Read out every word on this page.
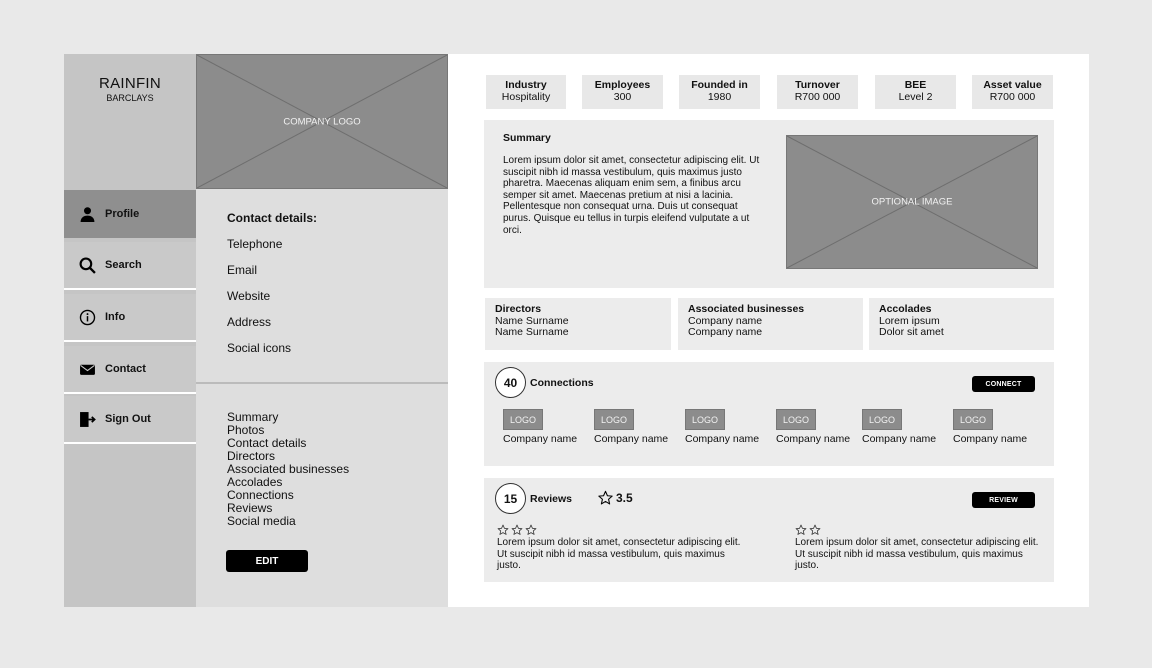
RAINFIN
BARCLAYS
Profile
Search
Info
Contact
Sign Out
COMPANY LOGO
Contact details:
Telephone
Email
Website
Address
Social icons
Summary
Photos
Contact details
Directors
Associated businesses
Accolades
Connections
Reviews
Social media
EDIT
Industry
Hospitality
Employees
300
Founded in
1980
Turnover
R700 000
BEE
Level 2
Asset value
R700 000
Summary
Lorem ipsum dolor sit amet, consectetur adipiscing elit. Ut suscipit nibh id massa vestibulum, quis maximus justo pharetra. Maecenas aliquam enim sem, a finibus arcu semper sit amet. Maecenas pretium at nisi a lacinia. Pellentesque non consequat urna. Duis ut consequat purus. Quisque eu tellus in turpis eleifend vulputate a ut orci.
OPTIONAL IMAGE
Directors
Name Surname
Name Surname
Associated businesses
Company name
Company name
Accolades
Lorem ipsum
Dolor sit amet
40	Connections	CONNECT
LOGO
Company name
LOGO
Company name
LOGO
Company name
LOGO
Company name
LOGO
Company name
LOGO
Company name
15	Reviews	3.5	REVIEW
Lorem ipsum dolor sit amet, consectetur adipiscing elit. Ut suscipit nibh id massa vestibulum, quis maximus justo.
Lorem ipsum dolor sit amet, consectetur adipiscing elit. Ut suscipit nibh id massa vestibulum, quis maximus justo.
